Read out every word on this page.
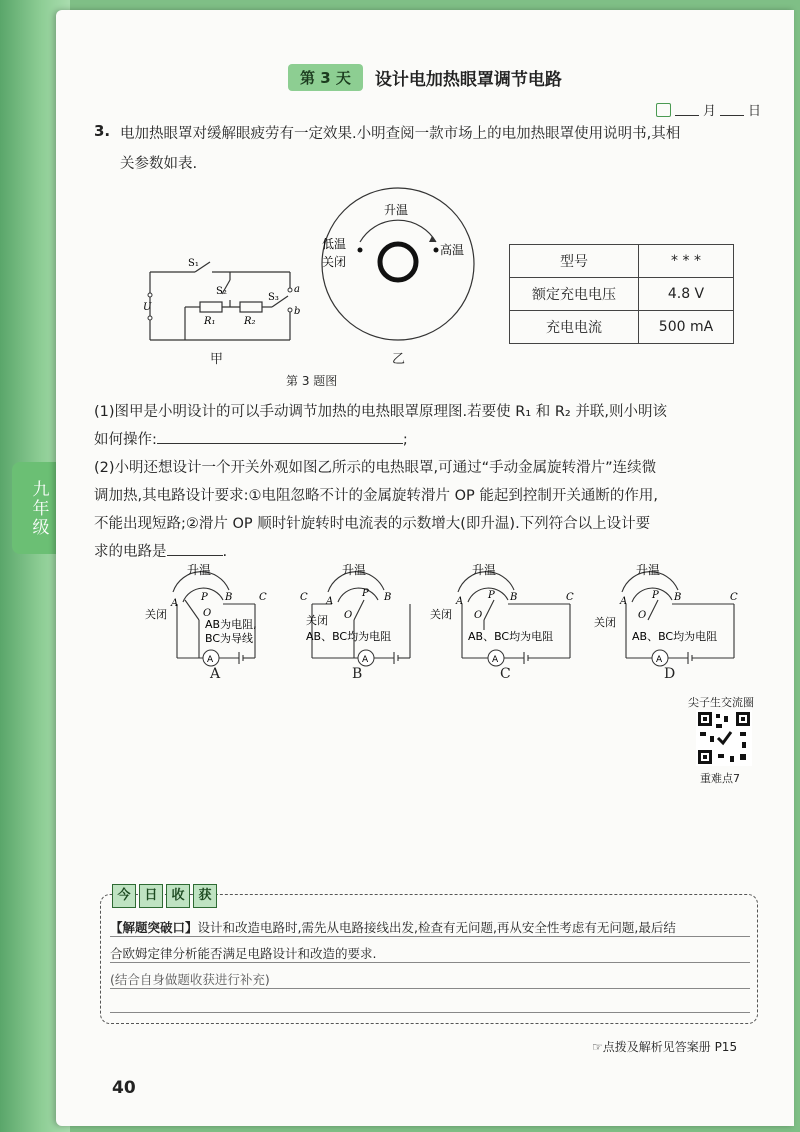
九年级
第 3 天	设计电加热眼罩调节电路
月 日
3. 电加热眼罩对缓解眼疲劳有一定效果.小明查阅一款市场上的电加热眼罩使用说明书,其相
关参数如表.
S₁
S₂
S₃
R₁	R₂
U
a
b
甲
升温
低温
关闭
高温
乙
第 3 题图
型号	* * *
额定充电电压	4.8 V
充电电流	500 mA
(1)图甲是小明设计的可以手动调节加热的电热眼罩原理图.若要使 R₁ 和 R₂ 并联,则小明该
如何操作:	;
(2)小明还想设计一个开关外观如图乙所示的电热眼罩,可通过“手动金属旋转滑片”连续微
调加热,其电路设计要求:①电阻忽略不计的金属旋转滑片 OP 能起到控制开关通断的作用,
不能出现短路;②滑片 OP 顺时针旋转时电流表的示数增大(即升温).下列符合以上设计要
求的电路是	.
A
升温
A
P
O
B	C
关闭
AB为电阻,
BC为导线
A
升温
C A
P
O
B
关闭
AB、BC均为电阻
A
升温
A
P
O
B	C
关闭
AB、BC均为电阻
A
升温
A
P
O
B	C
关闭
AB、BC均为电阻
A	B	C	D
尖子生交流圈
重难点7
今	日	收	获
【解题突破口】设计和改造电路时,需先从电路接线出发,检查有无问题,再从安全性考虑有无问题,最后结
合欧姆定律分析能否满足电路设计和改造的要求.
(结合自身做题收获进行补充)
☞点拨及解析见答案册 P15
40
